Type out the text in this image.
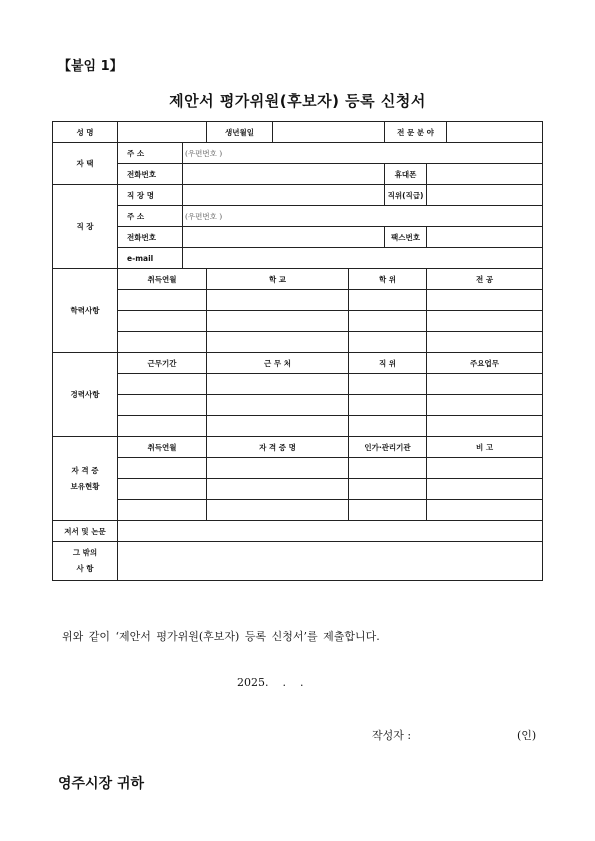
【붙임 1】
제안서 평가위원(후보자) 등록 신청서
성 명			생년월일			전 문 분 야		
자 택	주 소	(우편번호 )						
	전화번호					휴대폰		
직 장	직 장 명					직위(직급)		
	주 소	(우편번호 )						
	전화번호					팩스번호		
	e-mail							
학력사항	취득연월		학 교		학 위		전 공	

경력사항	근무기간		근 무 처		직 위		주요업무	

자 격 증
보유현황	취득연월		자 격 증 명		인가·관리기관		비 고	

저서 및 논문								

그 밖의
사 항								

위와 같이 ‘제안서 평가위원(후보자) 등록 신청서’를 제출합니다.
2025.    .    .
작성자 :	(인)
영주시장 귀하
